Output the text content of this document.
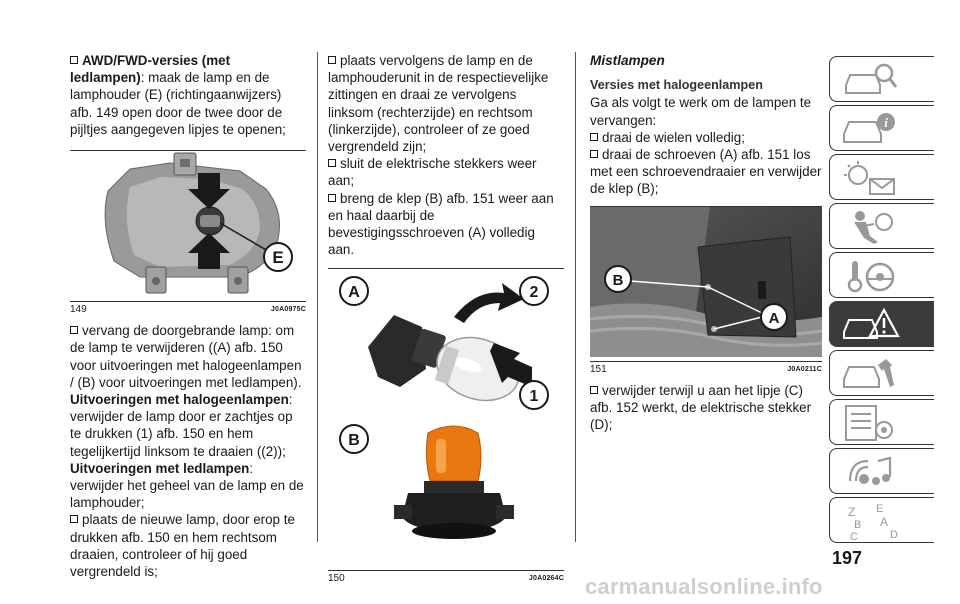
AWD/FWD-versies (met ledlampen): maak de lamp en de lamphouder (E) (richtingaanwijzers) afb. 149 open door de twee door de pijltjes aangegeven lipjes te openen;

E
149	J0A0975C

vervang de doorgebrande lamp: om de lamp te verwijderen ((A) afb. 150 voor uitvoeringen met halogeenlampen / (B) voor uitvoeringen met ledlampen).

Uitvoeringen met halogeenlampen: verwijder de lamp door er zachtjes op te drukken (1) afb. 150 en hem tegelijkertijd linksom te draaien ((2));

Uitvoeringen met ledlampen: verwijder het geheel van de lamp en de lamphouder;

plaats de nieuwe lamp, door erop te drukken afb. 150 en hem rechtsom draaien, controleer of hij goed vergrendeld is;

plaats vervolgens de lamp en de lamphouderunit in de respectievelijke zittingen en draai ze vervolgens linksom (rechterzijde) en rechtsom (linkerzijde), controleer of ze goed vergrendeld zijn;

sluit de elektrische stekkers weer aan;

breng de klep (B) afb. 151 weer aan en haal daarbij de bevestigingsschroeven (A) volledig aan.

A	2
1
B
150	J0A0264C

Mistlampen

Versies met halogeenlampen

Ga als volgt te werk om de lampen te vervangen:

draai de wielen volledig;

draai de schroeven (A) afb. 151 los met een schroevendraaier en verwijder de klep (B);

B
A
151	J0A0211C

verwijder terwijl u aan het lipje (C) afb. 152 werkt, de elektrische stekker (D);

i
Z E
B
C
A
D
197
carmanualsonline.info
